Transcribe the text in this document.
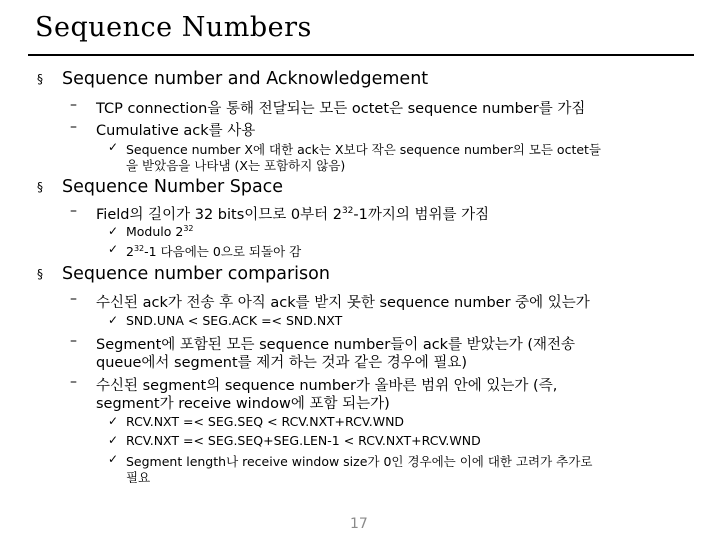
Sequence Numbers
§ Sequence number and Acknowledgement
– TCP connection을 통해 전달되는 모든 octet은 sequence number를 가짐
– Cumulative ack를 사용
✓ Sequence number X에 대한 ack는 X보다 작은 sequence number의 모든 octet들
을 받았음을 나타냄 (X는 포함하지 않음)
§ Sequence Number Space
– Field의 길이가 32 bits이므로 0부터 $2^{32}-1$까지의 범위를 가짐
✓ Modulo $2^{32}$
✓ $2^{32}-1$ 다음에는 0으로 되돌아 감
§ Sequence number comparison
– 수신된 ack가 전송 후 아직 ack를 받지 못한 sequence number 중에 있는가
✓ SND.UNA < SEG.ACK =< SND.NXT
– Segment에 포함된 모든 sequence number들이 ack를 받았는가 (재전송
queue에서 segment를 제거 하는 것과 같은 경우에 필요)
– 수신된 segment의 sequence number가 올바른 범위 안에 있는가 (즉,
segment가 receive window에 포함 되는가)
✓ RCV.NXT =< SEG.SEQ < RCV.NXT+RCV.WND
✓ RCV.NXT =< SEG.SEQ+SEG.LEN-1 < RCV.NXT+RCV.WND
✓ Segment length나 receive window size가 0인 경우에는 이에 대한 고려가 추가로
필요
17
